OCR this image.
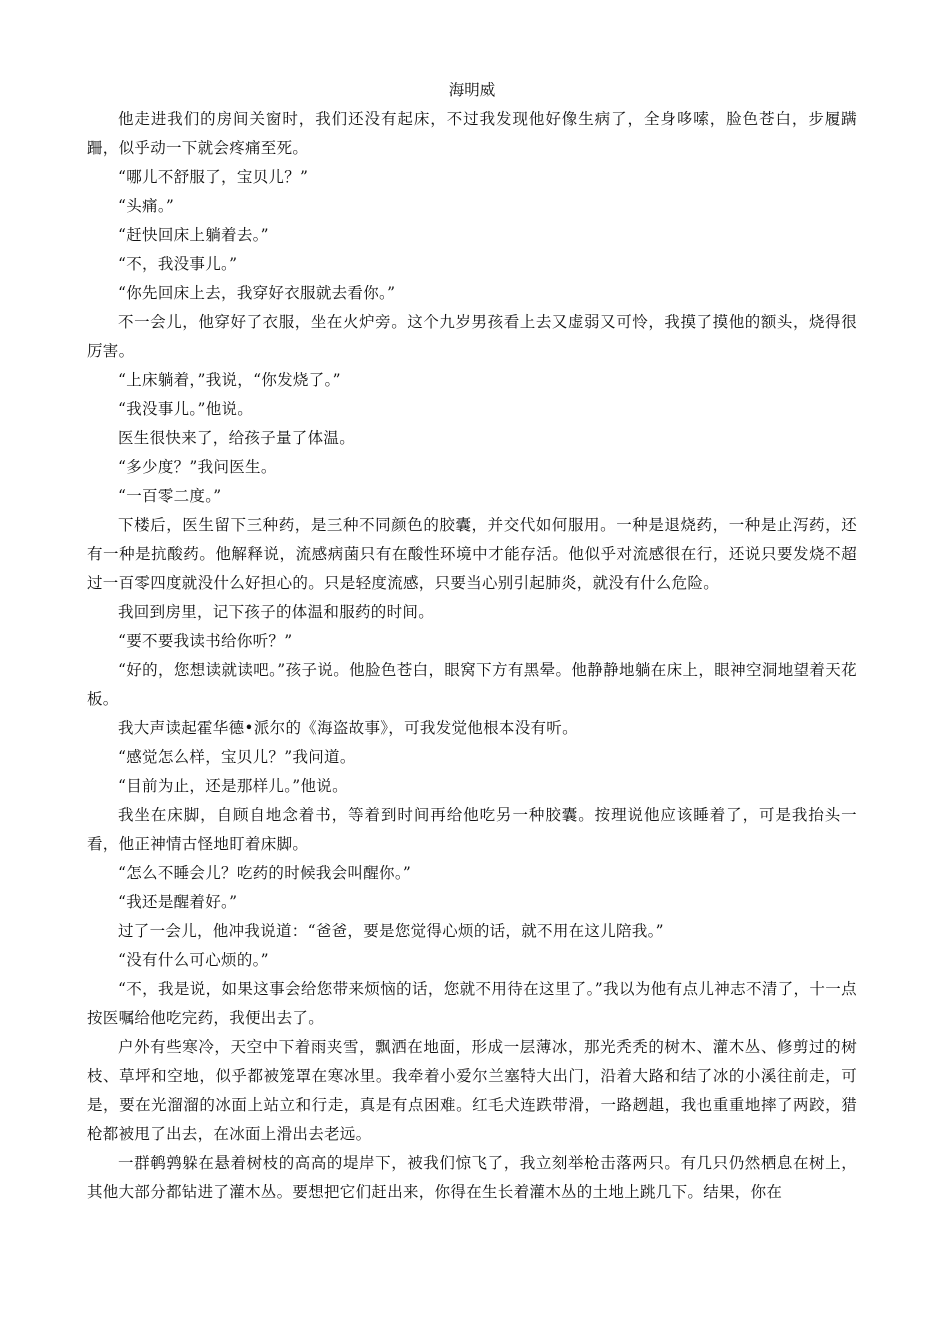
海明威

他走进我们的房间关窗时，我们还没有起床，不过我发现他好像生病了，全身哆嗦，脸色苍白，步履蹒跚，似乎动一下就会疼痛至死。

“哪儿不舒服了，宝贝儿？”

“头痛。”

“赶快回床上躺着去。”

“不，我没事儿。”

“你先回床上去，我穿好衣服就去看你。”

不一会儿，他穿好了衣服，坐在火炉旁。这个九岁男孩看上去又虚弱又可怜，我摸了摸他的额头，烧得很厉害。

“上床躺着，”我说，“你发烧了。”

“我没事儿。”他说。

医生很快来了，给孩子量了体温。

“多少度？”我问医生。

“一百零二度。”

下楼后，医生留下三种药，是三种不同颜色的胶囊，并交代如何服用。一种是退烧药，一种是止泻药，还有一种是抗酸药。他解释说，流感病菌只有在酸性环境中才能存活。他似乎对流感很在行，还说只要发烧不超过一百零四度就没什么好担心的。只是轻度流感，只要当心别引起肺炎，就没有什么危险。

我回到房里，记下孩子的体温和服药的时间。

“要不要我读书给你听？”

“好的，您想读就读吧。”孩子说。他脸色苍白，眼窝下方有黑晕。他静静地躺在床上，眼神空洞地望着天花板。

我大声读起霍华德•派尔的《海盗故事》，可我发觉他根本没有听。

“感觉怎么样，宝贝儿？”我问道。

“目前为止，还是那样儿。”他说。

我坐在床脚，自顾自地念着书，等着到时间再给他吃另一种胶囊。按理说他应该睡着了，可是我抬头一看，他正神情古怪地盯着床脚。

“怎么不睡会儿？吃药的时候我会叫醒你。”

“我还是醒着好。”

过了一会儿，他冲我说道：“爸爸，要是您觉得心烦的话，就不用在这儿陪我。”

“没有什么可心烦的。”

“不，我是说，如果这事会给您带来烦恼的话，您就不用待在这里了。”我以为他有点儿神志不清了，十一点按医嘱给他吃完药，我便出去了。

户外有些寒冷，天空中下着雨夹雪，飘洒在地面，形成一层薄冰，那光秃秃的树木、灌木丛、修剪过的树枝、草坪和空地，似乎都被笼罩在寒冰里。我牵着小爱尔兰塞特大出门，沿着大路和结了冰的小溪往前走，可是，要在光溜溜的冰面上站立和行走，真是有点困难。红毛犬连跌带滑，一路趔趄，我也重重地摔了两跤，猎枪都被甩了出去，在冰面上滑出去老远。

一群鹌鹑躲在悬着树枝的高高的堤岸下，被我们惊飞了，我立刻举枪击落两只。有几只仍然栖息在树上，其他大部分都钻进了灌木丛。要想把它们赶出来，你得在生长着灌木丛的土地上跳几下。结果，你在
